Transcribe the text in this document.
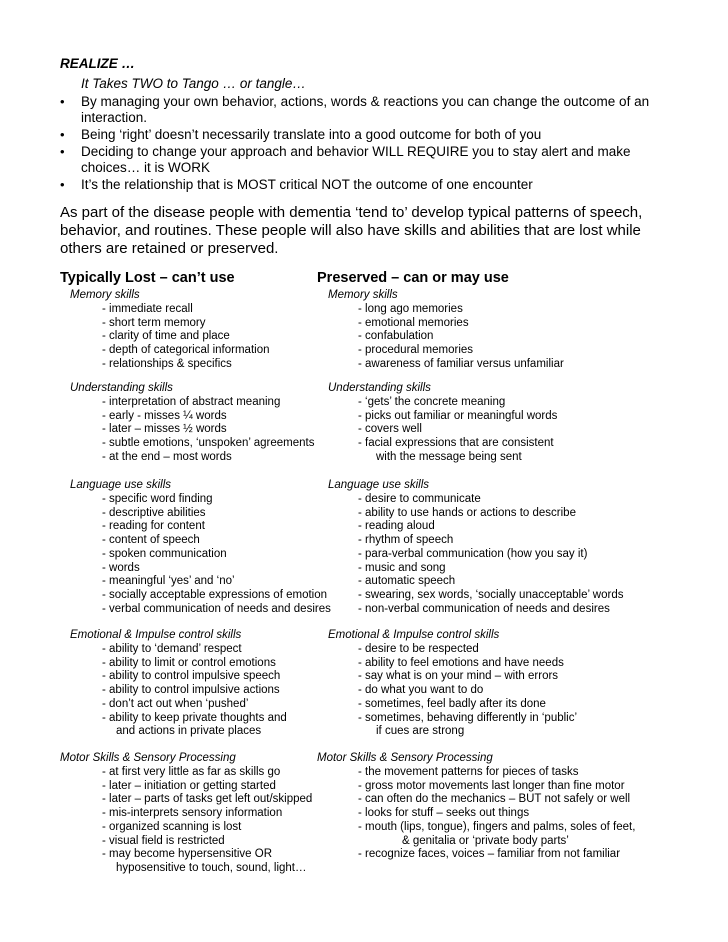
REALIZE …
It Takes TWO to Tango … or tangle…
• By managing your own behavior, actions, words & reactions you can change the outcome of an
interaction.
• Being ‘right’ doesn’t necessarily translate into a good outcome for both of you
• Deciding to change your approach and behavior WILL REQUIRE you to stay alert and make
choices… it is WORK
• It’s the relationship that is MOST critical NOT the outcome of one encounter
As part of the disease people with dementia ‘tend to’ develop typical patterns of speech, behavior, and routines. These people will also have skills and abilities that are lost while others are retained or preserved.
Typically Lost – can’t use	Preserved – can or may use
Memory skills
- immediate recall
- short term memory
- clarity of time and place
- depth of categorical information
- relationships & specifics
Memory skills
- long ago memories
- emotional memories
- confabulation
- procedural memories
- awareness of familiar versus unfamiliar
Understanding skills
- interpretation of abstract meaning
- early - misses ¼ words
- later – misses ½ words
- subtle emotions, ‘unspoken’ agreements
- at the end – most words
Understanding skills
- ‘gets’ the concrete meaning
- picks out familiar or meaningful words
- covers well
- facial expressions that are consistent
with the message being sent
Language use skills
- specific word finding
- descriptive abilities
- reading for content
- content of speech
- spoken communication
- words
- meaningful ‘yes’ and ‘no’
- socially acceptable expressions of emotion
- verbal communication of needs and desires
Language use skills
- desire to communicate
- ability to use hands or actions to describe
- reading aloud
- rhythm of speech
- para-verbal communication (how you say it)
- music and song
- automatic speech
- swearing, sex words, ‘socially unacceptable’ words
- non-verbal communication of needs and desires
Emotional & Impulse control skills
- ability to ‘demand’ respect
- ability to limit or control emotions
- ability to control impulsive speech
- ability to control impulsive actions
- don’t act out when ‘pushed’
- ability to keep private thoughts and
and actions in private places
Emotional & Impulse control skills
- desire to be respected
- ability to feel emotions and have needs
- say what is on your mind – with errors
- do what you want to do
- sometimes, feel badly after its done
- sometimes, behaving differently in ‘public’
if cues are strong
Motor Skills & Sensory Processing
- at first very little as far as skills go
- later – initiation or getting started
- later – parts of tasks get left out/skipped
- mis-interprets sensory information
- organized scanning is lost
- visual field is restricted
- may become hypersensitive OR
hyposensitive to touch, sound, light…
Motor Skills & Sensory Processing
- the movement patterns for pieces of tasks
- gross motor movements last longer than fine motor
- can often do the mechanics – BUT not safely or well
- looks for stuff – seeks out things
- mouth (lips, tongue), fingers and palms, soles of feet,
& genitalia or ‘private body parts’
- recognize faces, voices – familiar from not familiar
